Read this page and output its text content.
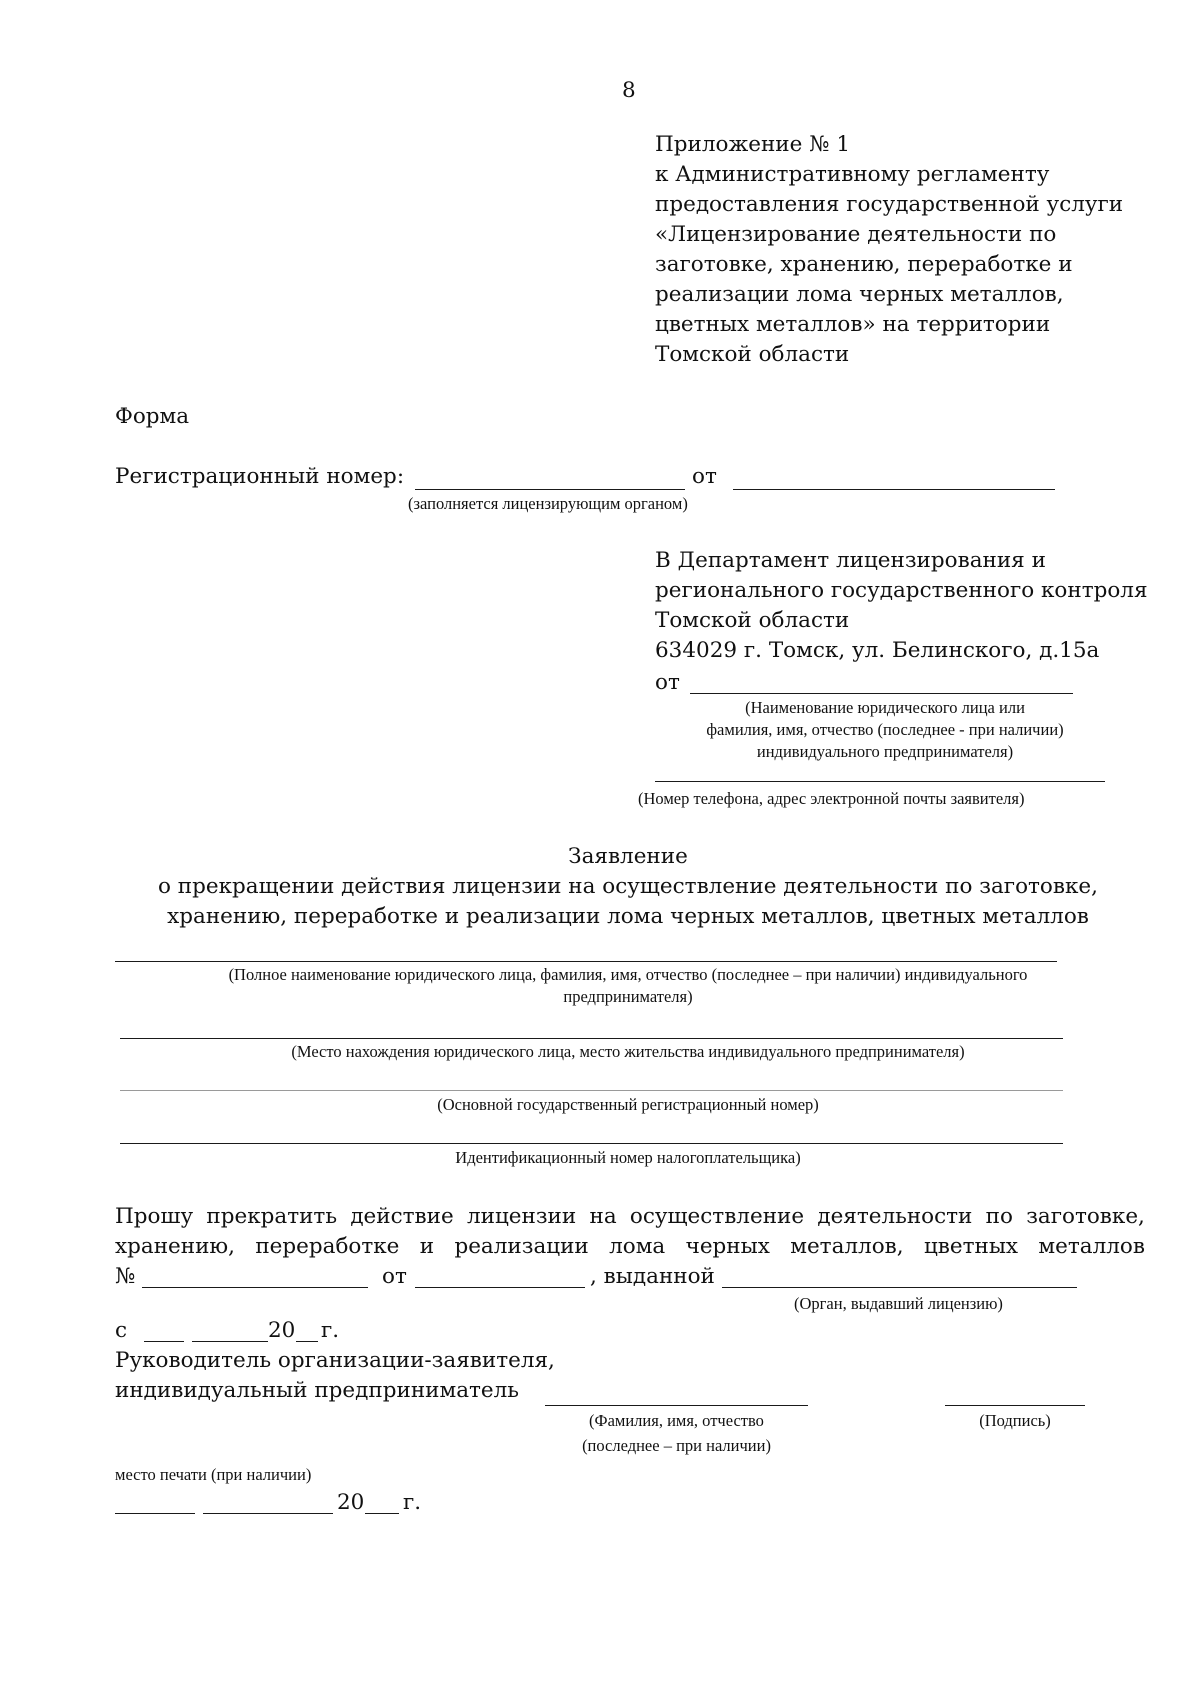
8
Приложение № 1
к Административному регламенту
предоставления государственной услуги
«Лицензирование деятельности по
заготовке, хранению, переработке и
реализации лома черных металлов,
цветных металлов» на территории
Томской области
Форма
Регистрационный номер:	от
(заполняется лицензирующим органом)
В Департамент лицензирования и
регионального государственного контроля
Томской области
634029 г. Томск, ул. Белинского, д.15а
от
(Наименование юридического лица или
фамилия, имя, отчество (последнее - при наличии)
индивидуального предпринимателя)
(Номер телефона, адрес электронной почты заявителя)
Заявление
о прекращении действия лицензии на осуществление деятельности по заготовке,
хранению, переработке и реализации лома черных металлов, цветных металлов
(Полное наименование юридического лица, фамилия, имя, отчество (последнее – при наличии) индивидуального
предпринимателя)
(Место нахождения юридического лица, место жительства индивидуального предпринимателя)
(Основной государственный регистрационный номер)
Идентификационный номер налогоплательщика)
Прошу прекратить действие лицензии на осуществление деятельности по заготовке,
хранению, переработке и реализации лома черных металлов, цветных металлов
№	от	, выданной
(Орган, выдавший лицензию)
с	20 г.
Руководитель организации-заявителя,
индивидуальный предприниматель
(Фамилия, имя, отчество
(последнее – при наличии)
(Подпись)
место печати (при наличии)
20 г.
